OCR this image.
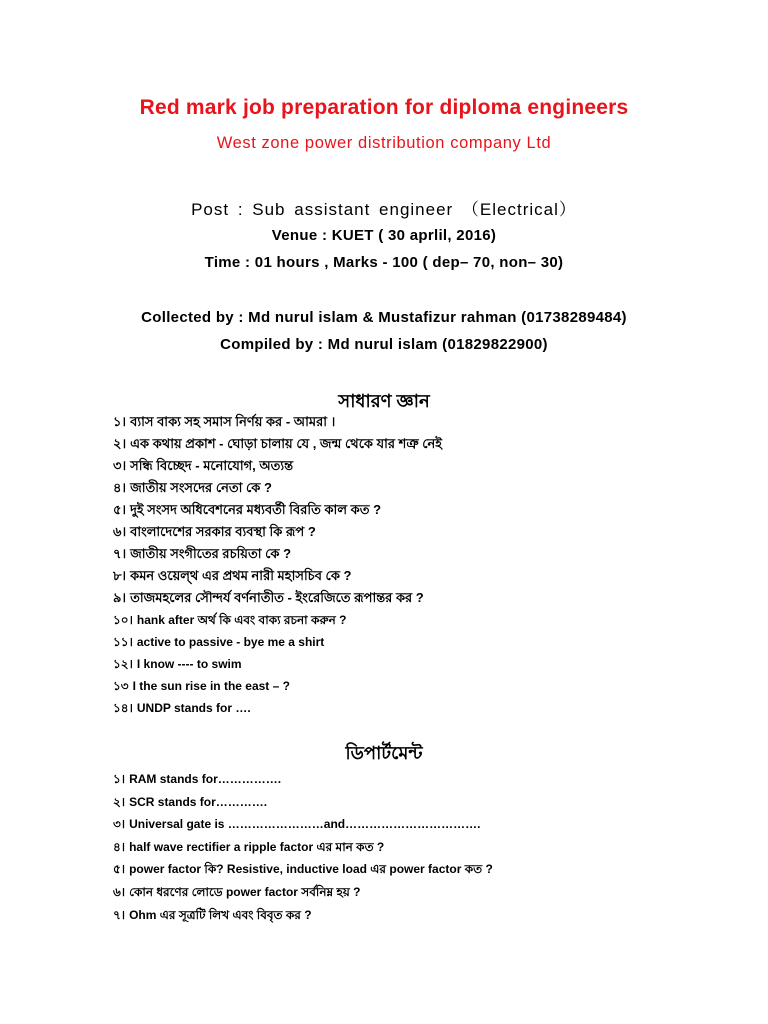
Red mark job preparation for diploma engineers
West zone power distribution company Ltd
Post : Sub assistant engineer （Electrical）
Venue : KUET ( 30 aprlil, 2016)
Time : 01 hours , Marks - 100 ( dep– 70, non– 30)
Collected by : Md nurul islam & Mustafizur rahman (01738289484)
Compiled by : Md nurul islam (01829822900)
সাধারণ জ্ঞান
১। ব্যাস বাক্য সহ সমাস নির্ণয় কর - আমরা ।
২। এক কথায় প্রকাশ - ঘোড়া চালায় যে , জন্ম থেকে যার শত্রু নেই
৩। সন্ধি বিচ্ছেদ - মনোযোগ, অত্যন্ত
৪। জাতীয় সংসদের নেতা কে ?
৫। দুই সংসদ অধিবেশনের মধ্যবর্তী বিরতি কাল কত ?
৬। বাংলাদেশের সরকার ব্যবস্থা কি রূপ ?
৭। জাতীয় সংগীতের রচয়িতা কে ?
৮। কমন ওয়েল্থ এর প্রথম নারী মহাসচিব কে ?
৯। তাজমহলের সৌন্দর্য বর্ণনাতীত - ইংরেজিতে রূপান্তর কর ?
১০। hank after অর্থ কি এবং বাক্য রচনা করুন ?
১১। active to passive - bye me a shirt
১২। I know ---- to swim
১৩ I the sun rise in the east – ?
১৪। UNDP stands for ….
ডিপার্টমেন্ট
১। RAM stands for…………….
২। SCR stands for………….
৩। Universal gate is ……………………and…………………………….
৪। half wave rectifier a ripple factor এর মান কত ?
৫। power factor কি? Resistive, inductive load এর power factor কত ?
৬। কোন ধরণের লোডে power factor সর্বনিম্ন হয় ?
৭। Ohm এর সূত্রটি লিখ এবং বিবৃত কর ?
